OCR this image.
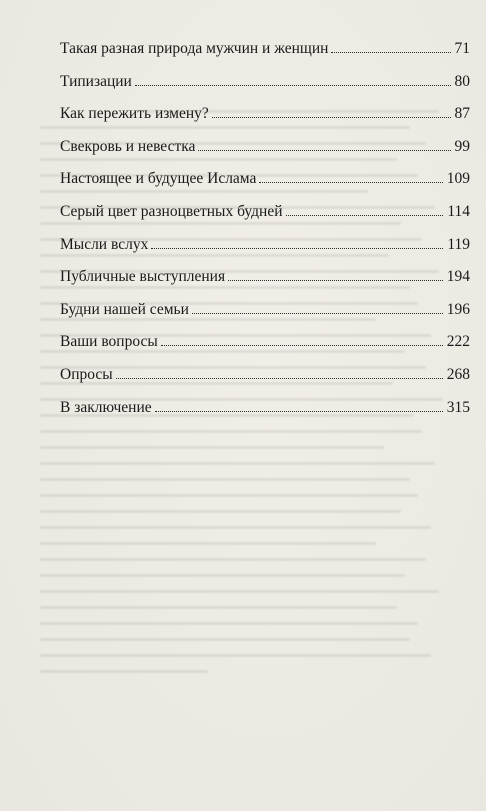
Такая разная природа мужчин и женщин	71
Типизации	80
Как пережить измену?	87
Свекровь и невестка	99
Настоящее и будущее Ислама	109
Серый цвет разноцветных будней	114
Мысли вслух	119
Публичные выступления	194
Будни нашей семьи	196
Ваши вопросы	222
Опросы	268
В заключение	315
